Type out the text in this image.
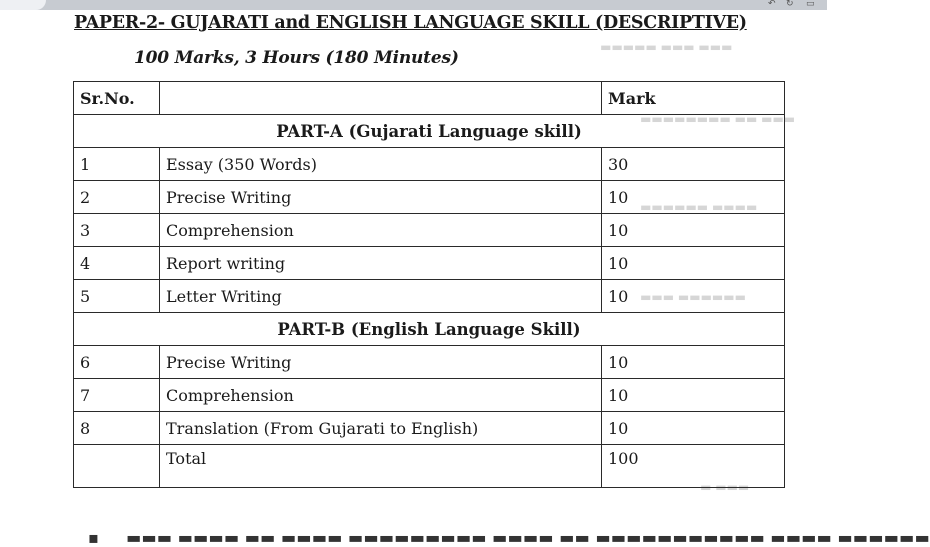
↶ ↻ ▭
▬▬▬ ▬▬▬ ▬▬▬▬▬
▬▬▬ ▬▬ ▬▬▬▬▬▬▬▬
▬▬▬▬ ▬▬▬▬▬▬
▬▬▬▬▬▬ ▬▬▬
▬▬▬ ▬
PAPER-2- GUJARATI and ENGLISH LANGUAGE SKILL (DESCRIPTIVE)
100 Marks, 3 Hours (180 Minutes)
Sr.No.		Mark
PART-A (Gujarati Language skill)		
1	Essay (350 Words)	30
2	Precise Writing	10
3	Comprehension	10
4	Report writing	10
5	Letter Writing	10
PART-B (English Language Skill)		
6	Precise Writing	10
7	Comprehension	10
8	Translation (From Gujarati to English)	10
	Total	100
▪     ▬▬▬ ▬▬▬▬ ▬▬ ▬▬▬▬ ▬▬▬▬▬▬▬▬▬ ▬▬▬▬ ▬▬ ▬▬▬▬▬▬▬▬▬▬▬ ▬▬▬▬ ▬▬▬▬▬▬
